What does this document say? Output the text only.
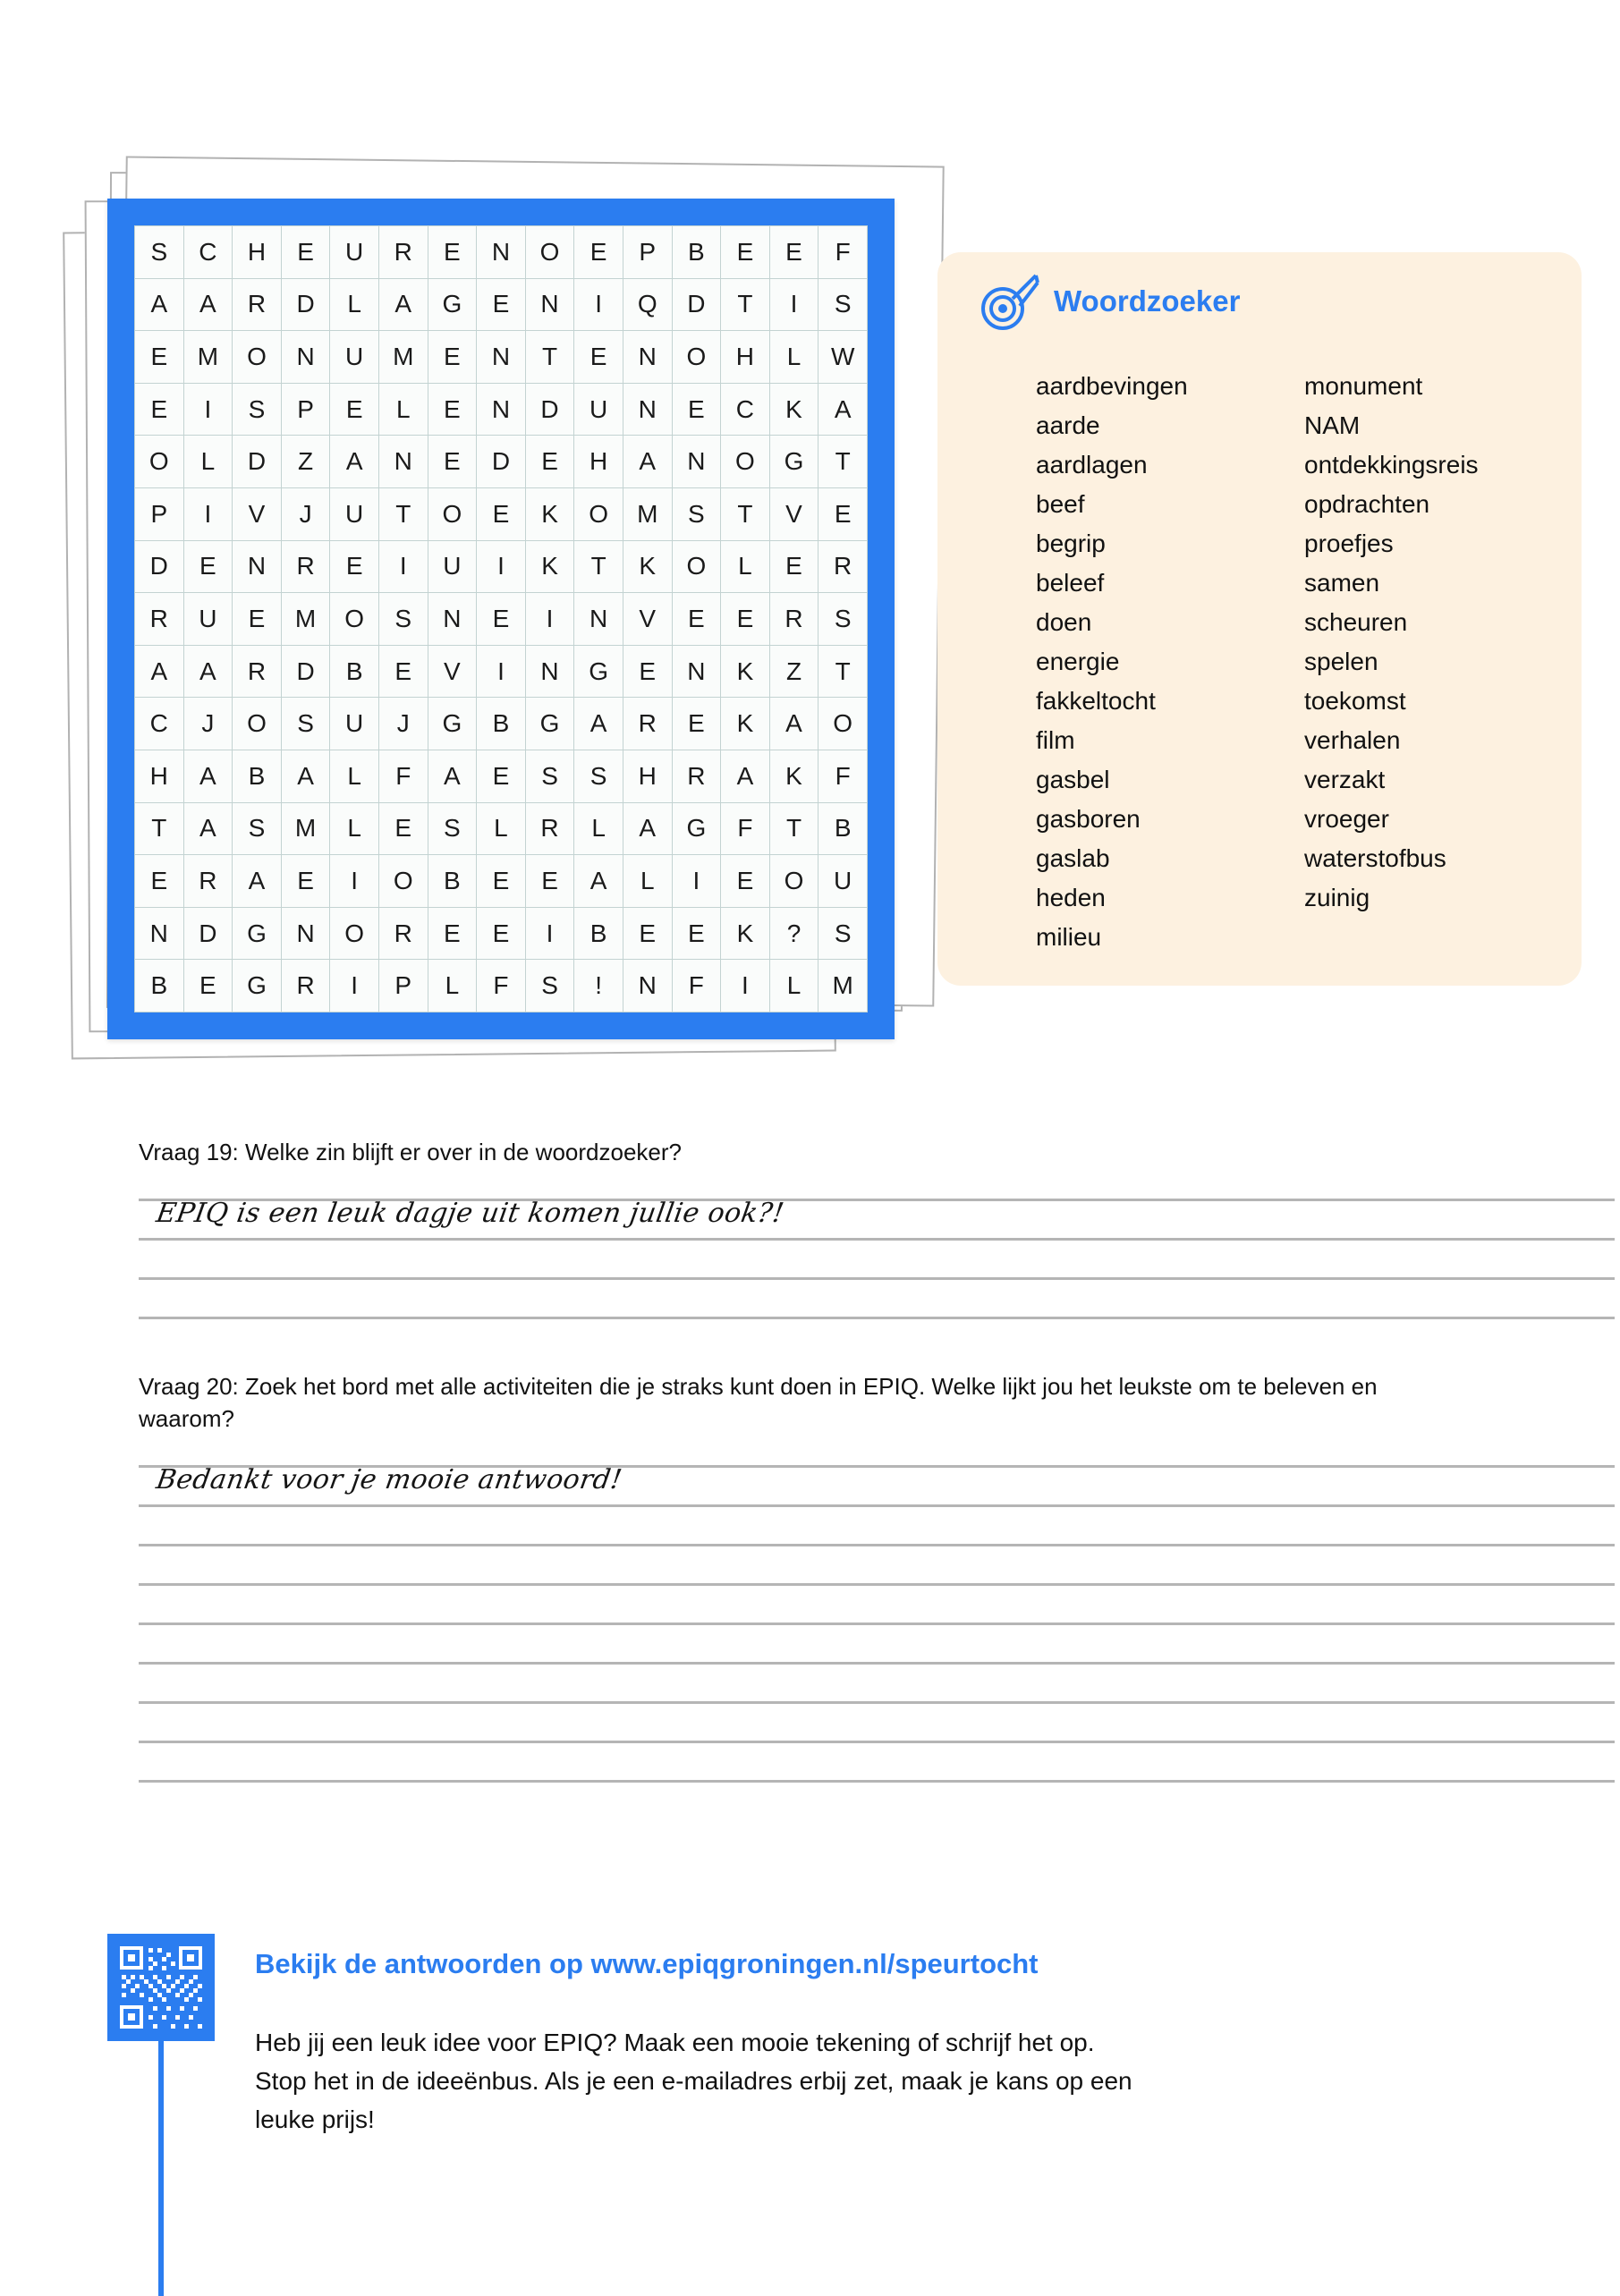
S	C	H	E	U	R	E	N	O	E	P	B	E	E	F
A	A	R	D	L	A	G	E	N	I	Q	D	T	I	S
E	M	O	N	U	M	E	N	T	E	N	O	H	L	W
E	I	S	P	E	L	E	N	D	U	N	E	C	K	A
O	L	D	Z	A	N	E	D	E	H	A	N	O	G	T
P	I	V	J	U	T	O	E	K	O	M	S	T	V	E
D	E	N	R	E	I	U	I	K	T	K	O	L	E	R
R	U	E	M	O	S	N	E	I	N	V	E	E	R	S
A	A	R	D	B	E	V	I	N	G	E	N	K	Z	T
C	J	O	S	U	J	G	B	G	A	R	E	K	A	O
H	A	B	A	L	F	A	E	S	S	H	R	A	K	F
T	A	S	M	L	E	S	L	R	L	A	G	F	T	B
E	R	A	E	I	O	B	E	E	A	L	I	E	O	U
N	D	G	N	O	R	E	E	I	B	E	E	K	?	S
B	E	G	R	I	P	L	F	S	!	N	F	I	L	M
Woordzoeker
aardbevingen
aarde
aardlagen
beef
begrip
beleef
doen
energie
fakkeltocht
film
gasbel
gasboren
gaslab
heden
milieu
monument
NAM
ontdekkingsreis
opdrachten
proefjes
samen
scheuren
spelen
toekomst
verhalen
verzakt
vroeger
waterstofbus
zuinig
Vraag 19: Welke zin blijft er over in de woordzoeker?
EPIQ is een leuk dagje uit komen jullie ook?!
Vraag 20: Zoek het bord met alle activiteiten die je straks kunt doen in EPIQ. Welke lijkt jou het leukste om te beleven en waarom?
Bedankt voor je mooie antwoord!
Bekijk de antwoorden op www.epiqgroningen.nl/speurtocht
Heb jij een leuk idee voor EPIQ? Maak een mooie tekening of schrijf het op.
Stop het in de ideeënbus. Als je een e-mailadres erbij zet, maak je kans op een
leuke prijs!
